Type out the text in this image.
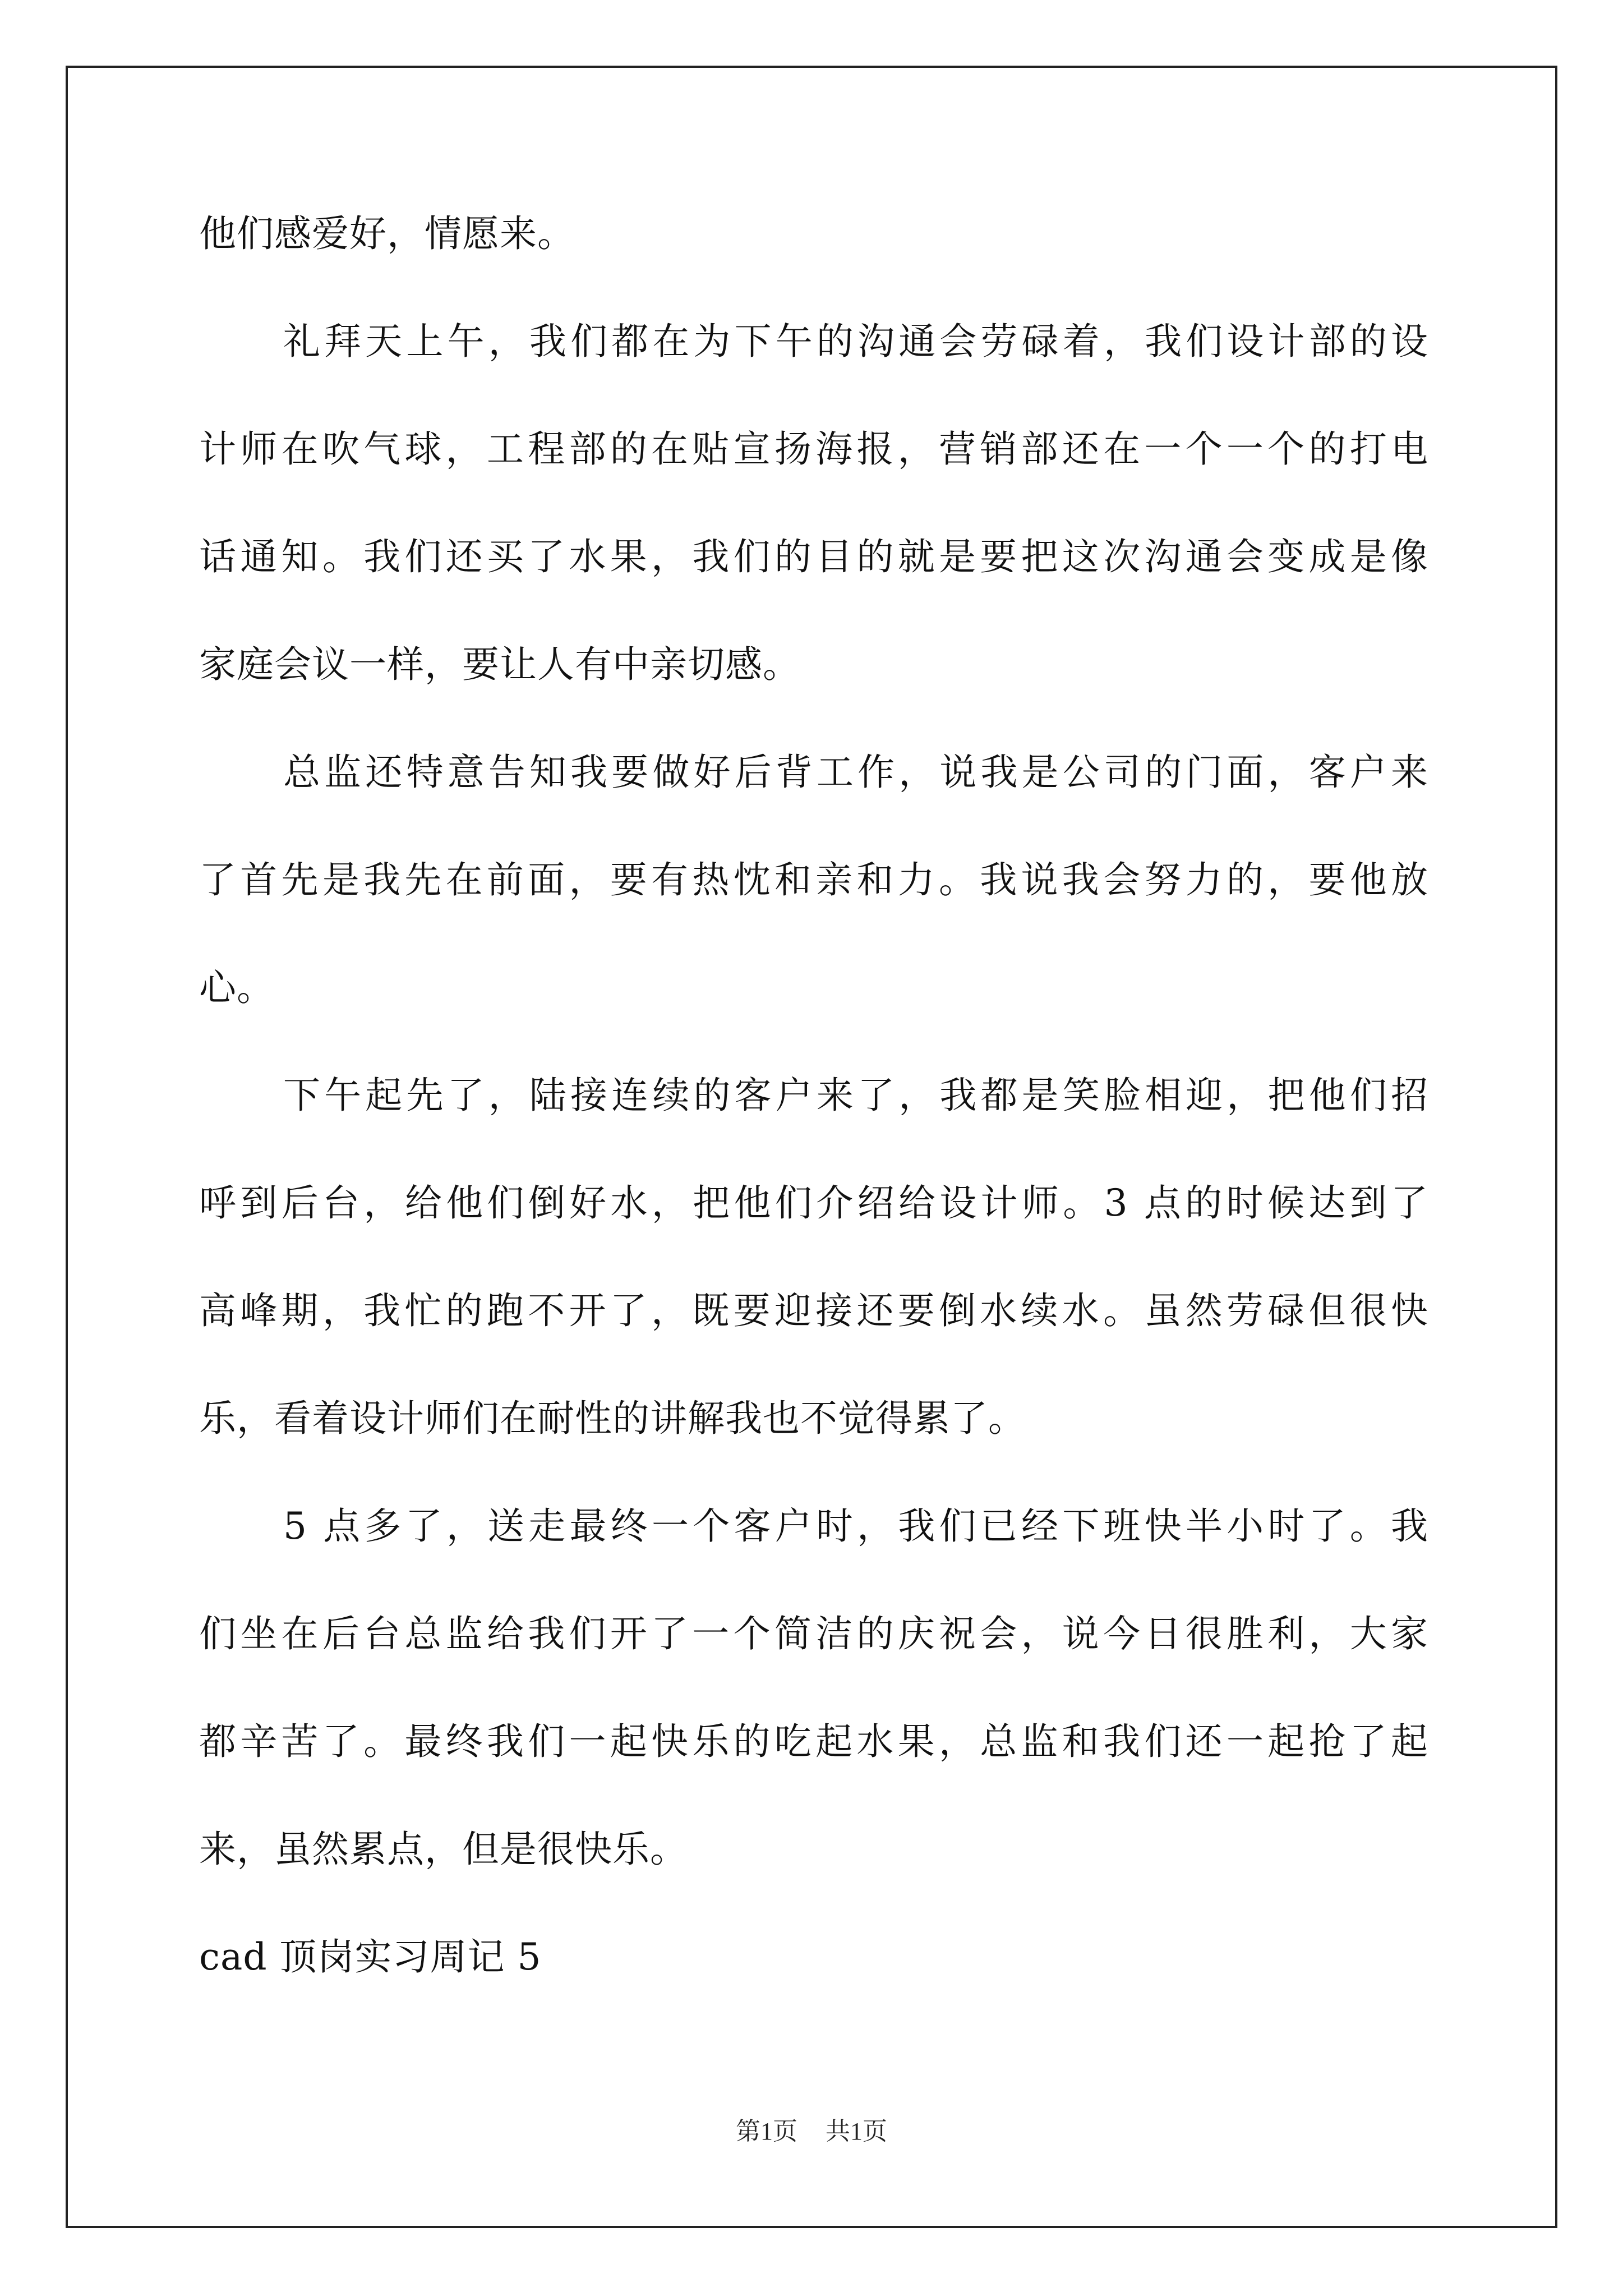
他们感爱好，情愿来。
礼拜天上午，我们都在为下午的沟通会劳碌着，我们设计部的设
计师在吹气球，工程部的在贴宣扬海报，营销部还在一个一个的打电
话通知。我们还买了水果，我们的目的就是要把这次沟通会变成是像
家庭会议一样，要让人有中亲切感。
总监还特意告知我要做好后背工作，说我是公司的门面，客户来
了首先是我先在前面，要有热忱和亲和力。我说我会努力的，要他放
心。
下午起先了，陆接连续的客户来了，我都是笑脸相迎，把他们招
呼到后台，给他们倒好水，把他们介绍给设计师。3 点的时候达到了
高峰期，我忙的跑不开了，既要迎接还要倒水续水。虽然劳碌但很快
乐，看着设计师们在耐性的讲解我也不觉得累了。
5 点多了，送走最终一个客户时，我们已经下班快半小时了。我
们坐在后台总监给我们开了一个简洁的庆祝会，说今日很胜利，大家
都辛苦了。最终我们一起快乐的吃起水果，总监和我们还一起抢了起
来，虽然累点，但是很快乐。
cad 顶岗实习周记 5
第1页 共1页
